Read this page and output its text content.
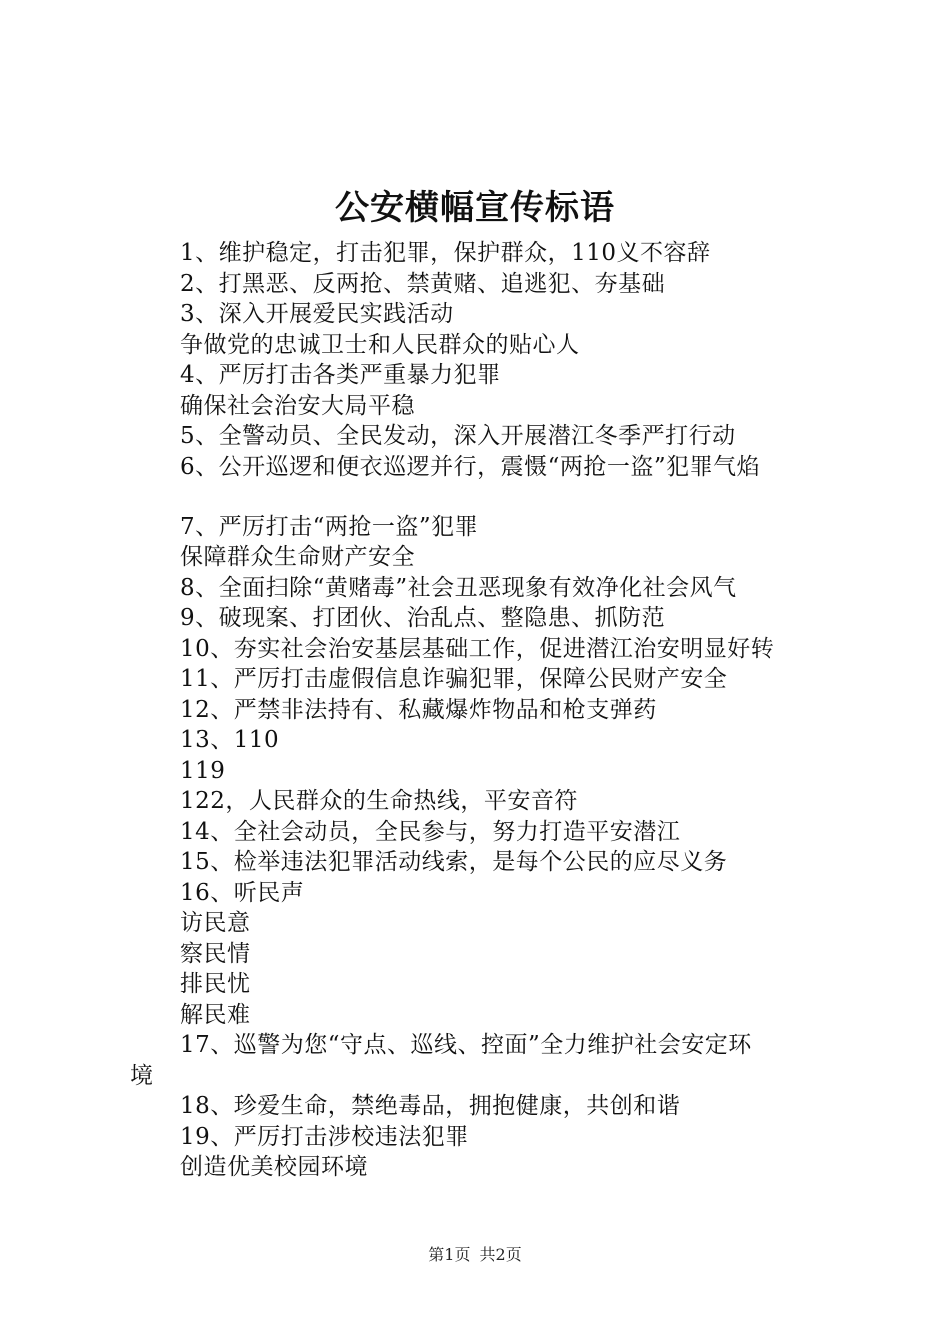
公安横幅宣传标语
1、维护稳定，打击犯罪，保护群众，110义不容辞
2、打黑恶、反两抢、禁黄赌、追逃犯、夯基础
3、深入开展爱民实践活动
争做党的忠诚卫士和人民群众的贴心人
4、严厉打击各类严重暴力犯罪
确保社会治安大局平稳
5、全警动员、全民发动，深入开展潜江冬季严打行动
6、公开巡逻和便衣巡逻并行，震慑“两抢一盗”犯罪气焰
7、严厉打击“两抢一盗”犯罪
保障群众生命财产安全
8、全面扫除“黄赌毒”社会丑恶现象有效净化社会风气
9、破现案、打团伙、治乱点、整隐患、抓防范
10、夯实社会治安基层基础工作，促进潜江治安明显好转
11、严厉打击虚假信息诈骗犯罪，保障公民财产安全
12、严禁非法持有、私藏爆炸物品和枪支弹药
13、110
119
122，人民群众的生命热线，平安音符
14、全社会动员，全民参与，努力打造平安潜江
15、检举违法犯罪活动线索，是每个公民的应尽义务
16、听民声
访民意
察民情
排民忧
解民难
17、巡警为您“守点、巡线、控面”全力维护社会安定环
境
18、珍爱生命，禁绝毒品，拥抱健康，共创和谐
19、严厉打击涉校违法犯罪
创造优美校园环境
第1页 共2页
